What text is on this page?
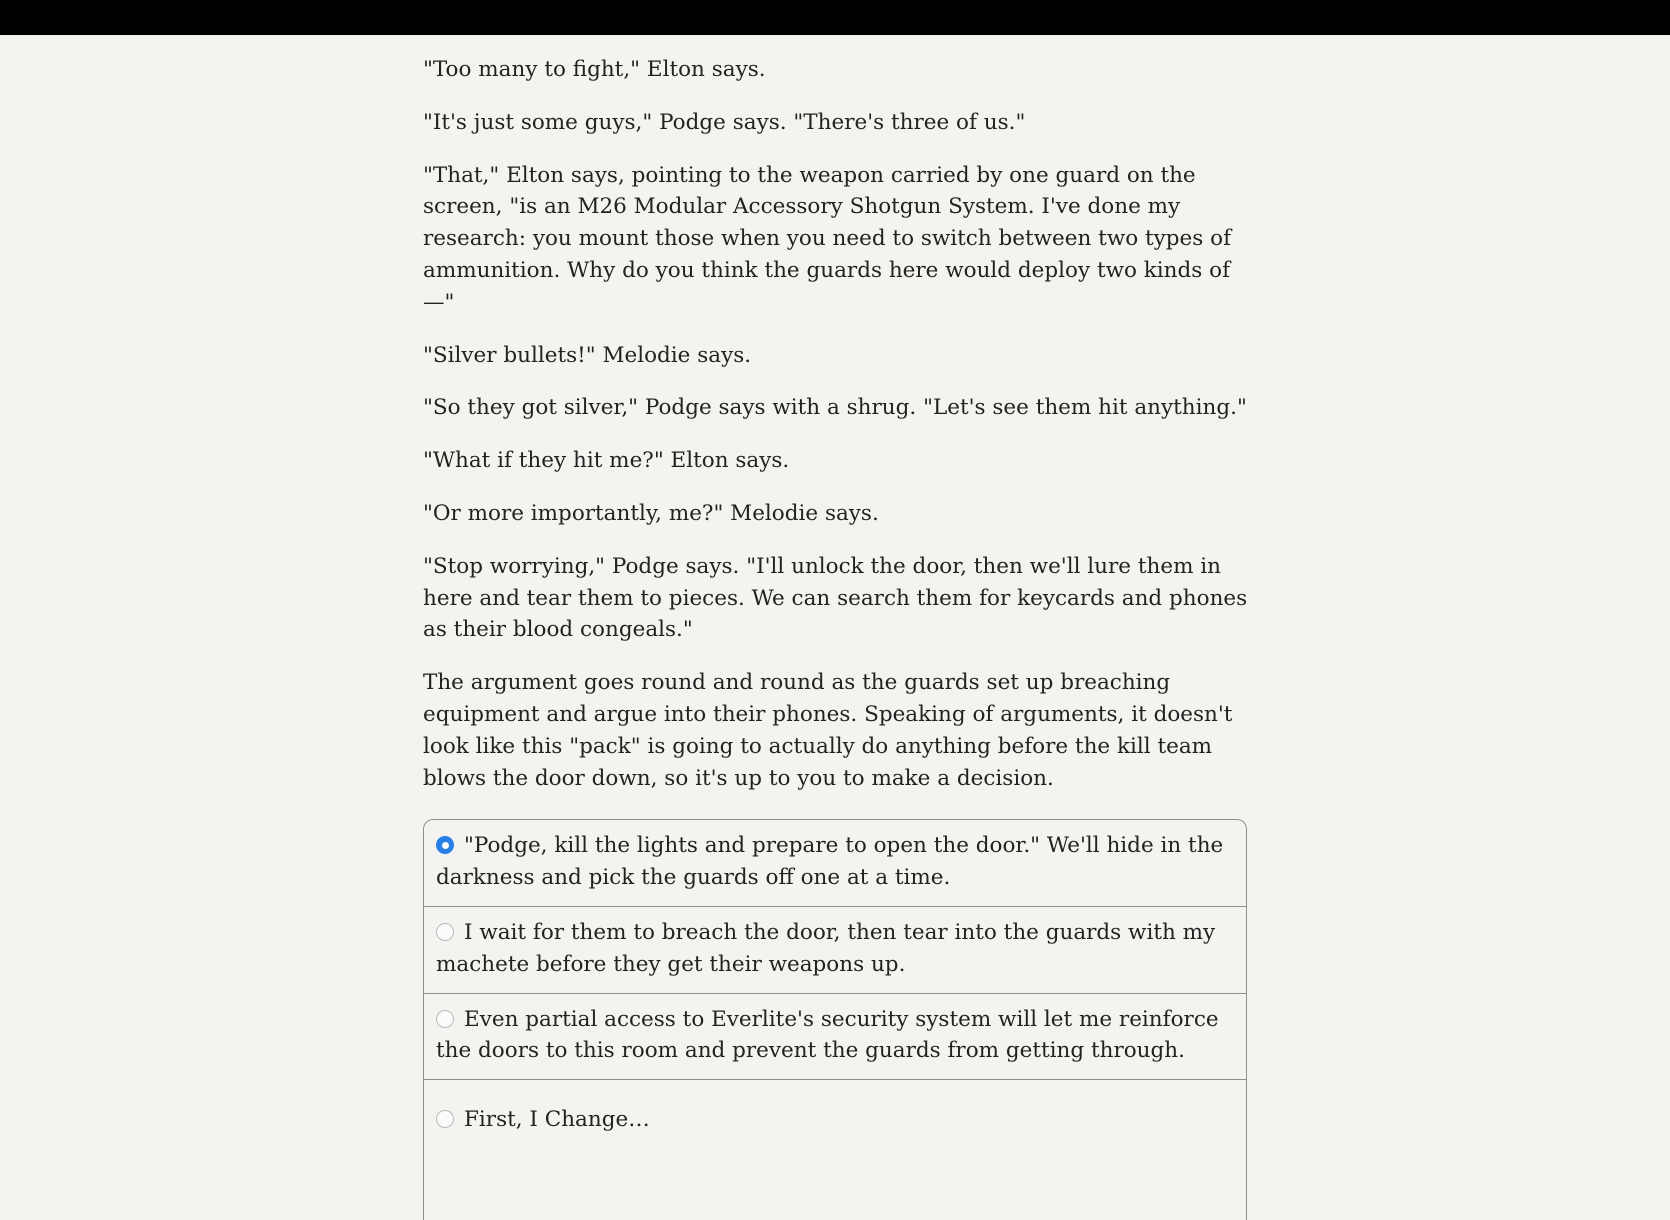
"Too many to fight," Elton says.

"It's just some guys," Podge says. "There's three of us."

"That," Elton says, pointing to the weapon carried by one guard on the screen, "is an M26 Modular Accessory Shotgun System. I've done my research: you mount those when you need to switch between two types of ammunition. Why do you think the guards here would deploy two kinds of—"

"Silver bullets!" Melodie says.

"So they got silver," Podge says with a shrug. "Let's see them hit anything."

"What if they hit me?" Elton says.

"Or more importantly, me?" Melodie says.

"Stop worrying," Podge says. "I'll unlock the door, then we'll lure them in here and tear them to pieces. We can search them for keycards and phones as their blood congeals."

The argument goes round and round as the guards set up breaching equipment and argue into their phones. Speaking of arguments, it doesn't look like this "pack" is going to actually do anything before the kill team blows the door down, so it's up to you to make a decision.

"Podge, kill the lights and prepare to open the door." We'll hide in the darkness and pick the guards off one at a time.
I wait for them to breach the door, then tear into the guards with my machete before they get their weapons up.
Even partial access to Everlite's security system will let me reinforce the doors to this room and prevent the guards from getting through.
First, I Change…
